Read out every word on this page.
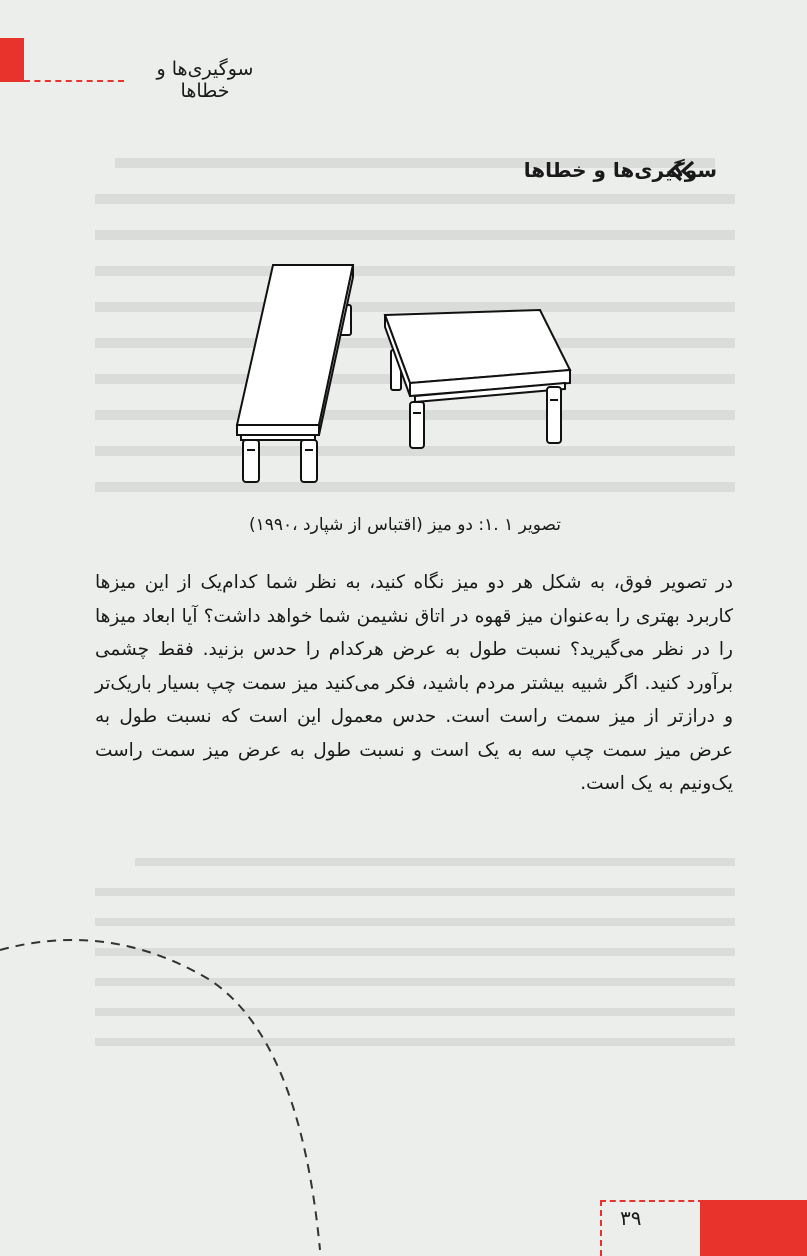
سوگیری‌ها و خطاها
سوگیری‌ها و خطاها
تصویر ۱ .۱: دو میز (اقتباس از شپارد ،۱۹۹۰)

در تصویر فوق، به شکل هر دو میز نگاه کنید، به نظر شما کدام‌یک از این میزها کاربرد بهتری را به‌عنوان میز قهوه در اتاق نشیمن شما خواهد داشت؟ آیا ابعاد میزها را در نظر می‌گیرید؟ نسبت طول به عرض هرکدام را حدس بزنید. فقط چشمی برآورد کنید. اگر شبیه بیشتر مردم باشید، فکر می‌کنید میز سمت چپ بسیار باریک‌تر و درازتر از میز سمت راست است. حدس معمول این است که نسبت طول به عرض میز سمت چپ سه به یک است و نسبت طول به عرض میز سمت راست یک‌ونیم به یک است.

۳۹
